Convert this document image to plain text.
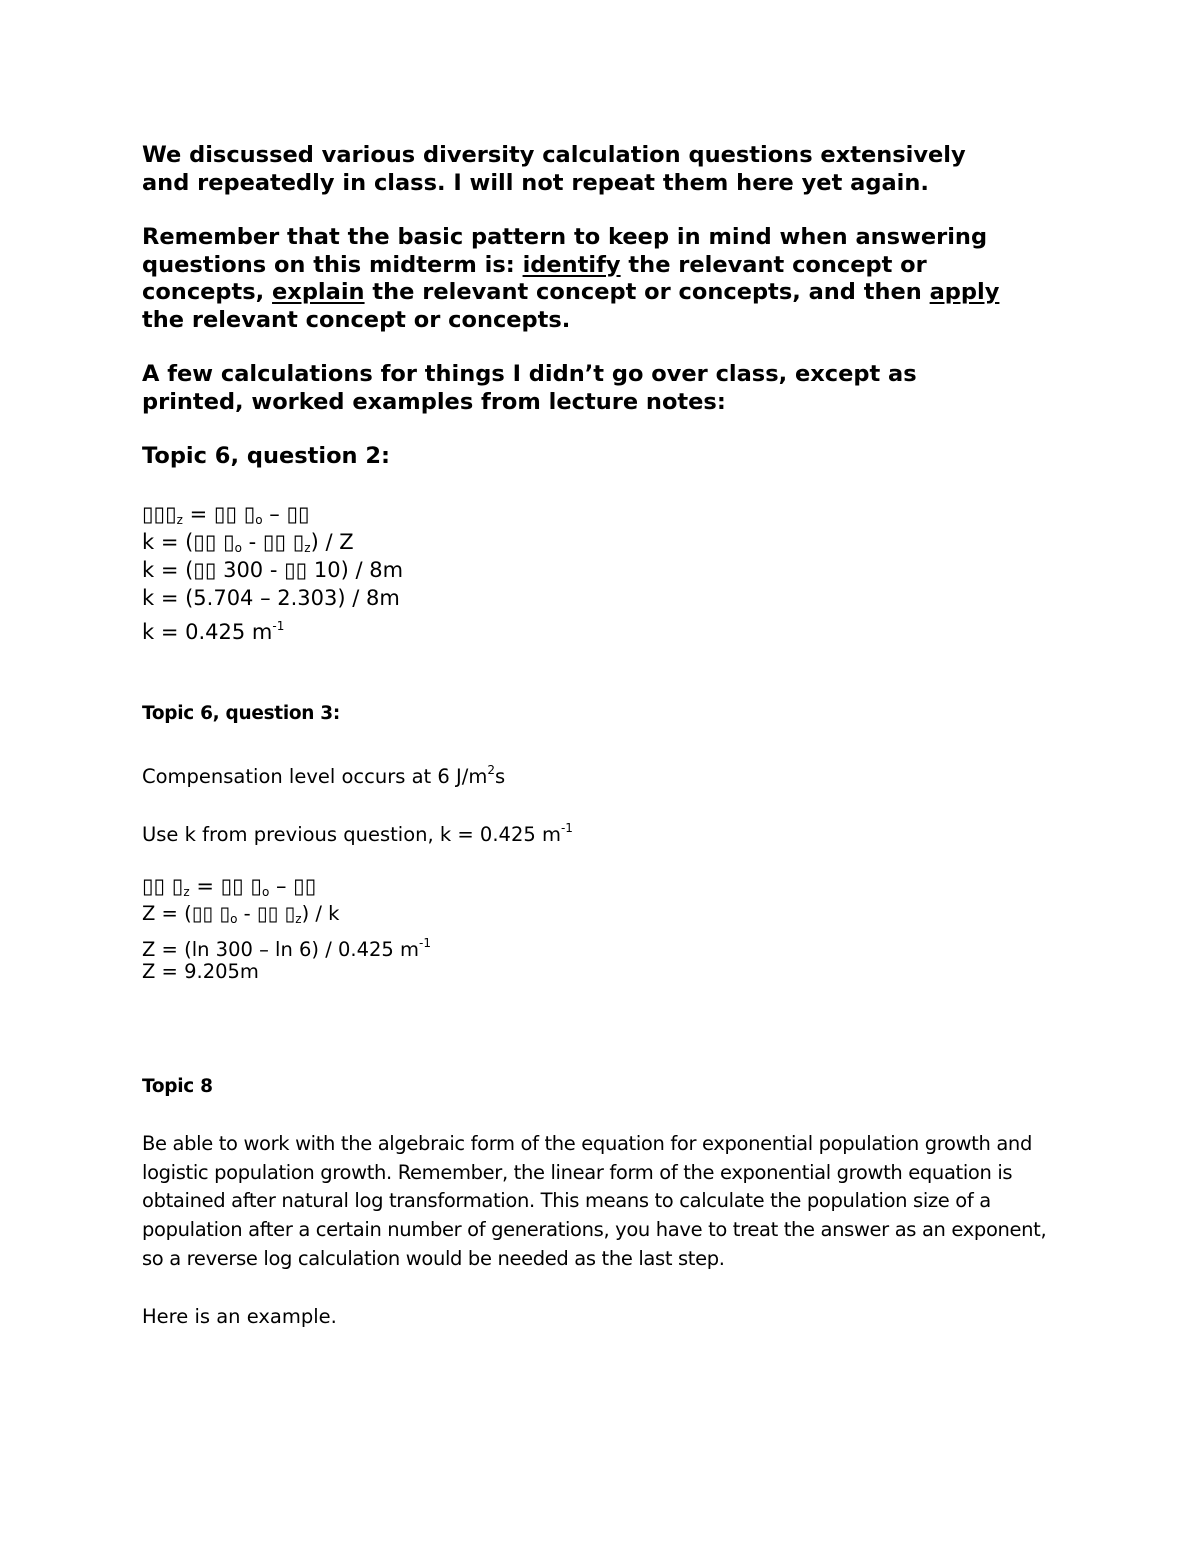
We discussed various diversity calculation questions extensively
and repeatedly in class. I will not repeat them here yet again.
Remember that the basic pattern to keep in mind when answering
questions on this midterm is: identify the relevant concept or
concepts, explain the relevant concept or concepts, and then apply
the relevant concept or concepts.
A few calculations for things I didn’t go over class, except as
printed, worked examples from lecture notes:
Topic 6, question 2:
$▯▯▯_z$ = ▯▯ $▯_o$ – ▯▯
k = (▯▯ $▯_o$ - ▯▯ $▯_z$) / Z
k = (▯▯ 300 - ▯▯ 10) / 8m
k = (5.704 – 2.303) / 8m
k = 0.425 $m^{-1}$
Topic 6, question 3:
Compensation level occurs at 6 $J/m^2s$
Use k from previous question, k = 0.425 $m^{-1}$
▯▯ $▯_z$ = ▯▯ $▯_o$ – ▯▯
Z = (▯▯ $▯_o$ - ▯▯ $▯_z$) / k
Z = (ln 300 – ln 6) / 0.425 $m^{-1}$
Z = 9.205m
Topic 8
Be able to work with the algebraic form of the equation for exponential population growth and
logistic population growth. Remember, the linear form of the exponential growth equation is
obtained after natural log transformation. This means to calculate the population size of a
population after a certain number of generations, you have to treat the answer as an exponent,
so a reverse log calculation would be needed as the last step.
Here is an example.
